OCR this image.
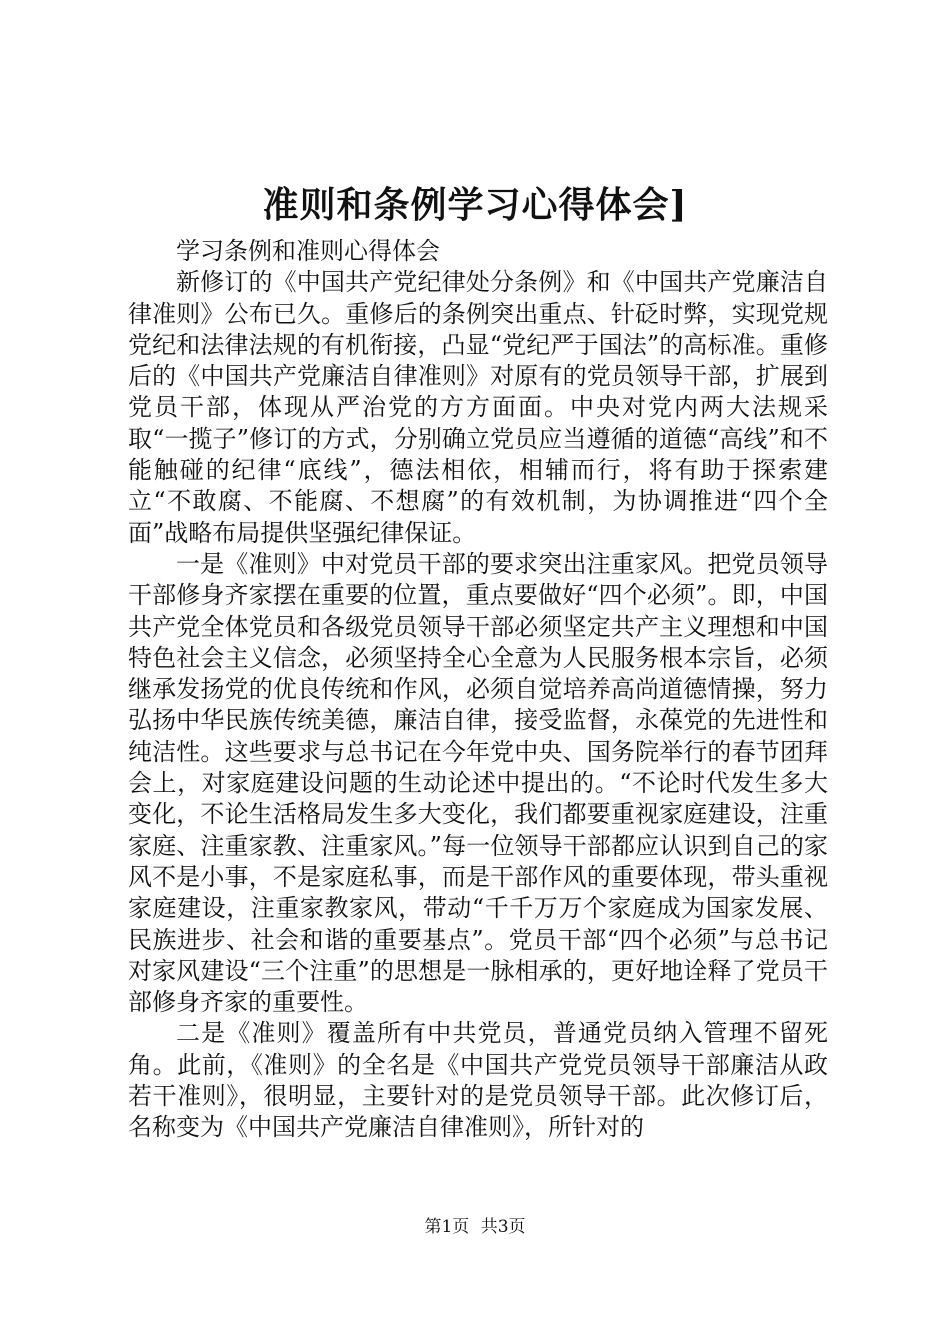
准则和条例学习心得体会]

学习条例和准则心得体会

新修订的《中国共产党纪律处分条例》和《中国共产党廉洁自律准则》公布已久。重修后的条例突出重点、针砭时弊，实现党规党纪和法律法规的有机衔接，凸显“党纪严于国法”的高标准。重修后的《中国共产党廉洁自律准则》对原有的党员领导干部，扩展到党员干部，体现从严治党的方方面面。中央对党内两大法规采取“一揽子”修订的方式，分别确立党员应当遵循的道德“高线”和不能触碰的纪律“底线”，德法相依，相辅而行，将有助于探索建立“不敢腐、不能腐、不想腐”的有效机制，为协调推进“四个全面”战略布局提供坚强纪律保证。

一是《准则》中对党员干部的要求突出注重家风。把党员领导干部修身齐家摆在重要的位置，重点要做好“四个必须”。即，中国共产党全体党员和各级党员领导干部必须坚定共产主义理想和中国特色社会主义信念，必须坚持全心全意为人民服务根本宗旨，必须继承发扬党的优良传统和作风，必须自觉培养高尚道德情操，努力弘扬中华民族传统美德，廉洁自律，接受监督，永葆党的先进性和纯洁性。这些要求与总书记在今年党中央、国务院举行的春节团拜会上，对家庭建设问题的生动论述中提出的。“不论时代发生多大变化，不论生活格局发生多大变化，我们都要重视家庭建设，注重家庭、注重家教、注重家风。”每一位领导干部都应认识到自己的家风不是小事，不是家庭私事，而是干部作风的重要体现，带头重视家庭建设，注重家教家风，带动“千千万万个家庭成为国家发展、民族进步、社会和谐的重要基点”。党员干部“四个必须”与总书记对家风建设“三个注重”的思想是一脉相承的，更好地诠释了党员干部修身齐家的重要性。

二是《准则》覆盖所有中共党员，普通党员纳入管理不留死角。此前，《准则》的全名是《中国共产党党员领导干部廉洁从政若干准则》，很明显，主要针对的是党员领导干部。此次修订后，名称变为《中国共产党廉洁自律准则》，所针对的

第1页 共3页
